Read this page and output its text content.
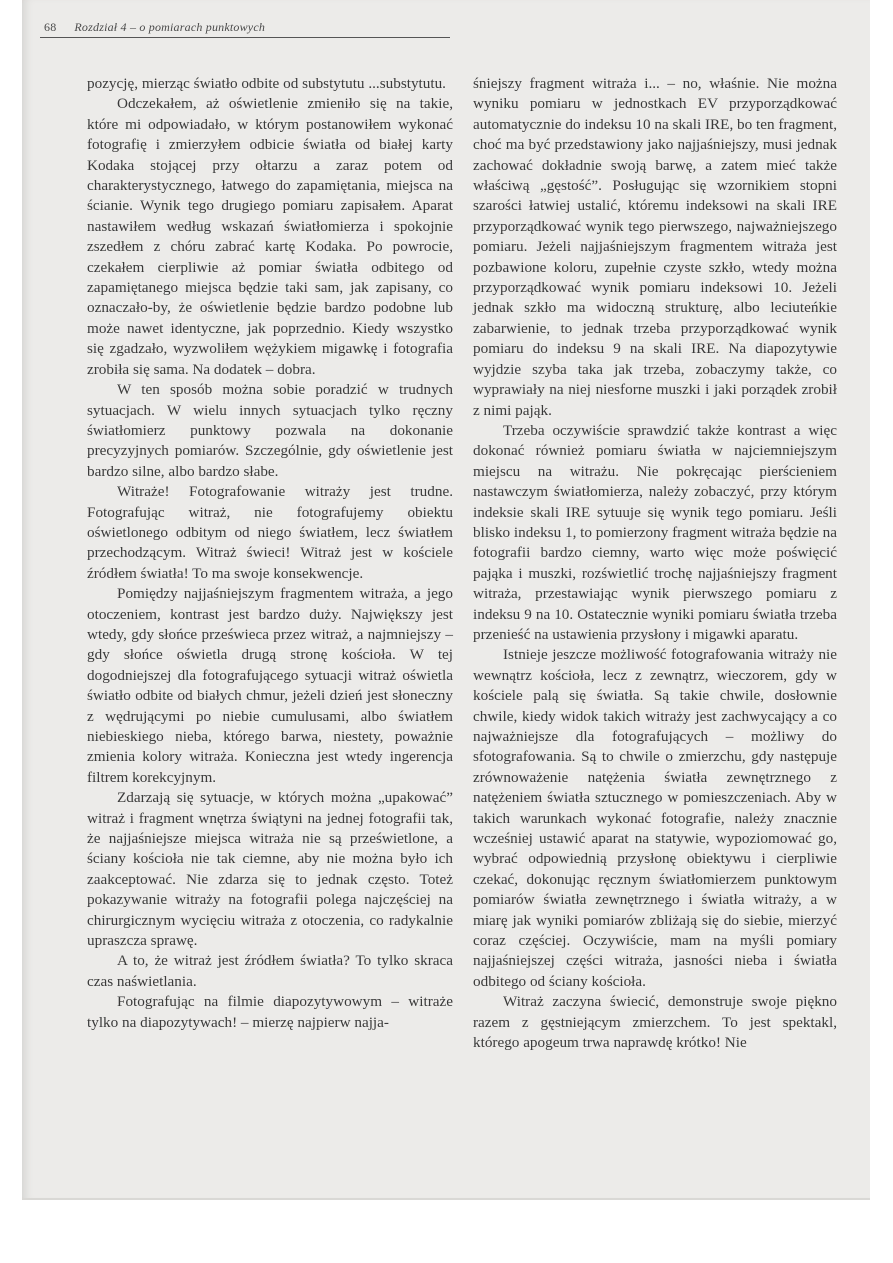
68 Rozdział 4 – o pomiarach punktowych

pozycję, mierząc światło odbite od substytutu ...substytutu.

Odczekałem, aż oświetlenie zmieniło się na takie, które mi odpowiadało, w którym postanowiłem wykonać fotografię i zmierzyłem odbicie światła od białej karty Kodaka stojącej przy ołtarzu a zaraz potem od charakterystycznego, łatwego do zapamiętania, miejsca na ścianie. Wynik tego drugiego pomiaru zapisałem. Aparat nastawiłem według wskazań światłomierza i spokojnie zszedłem z chóru zabrać kartę Kodaka. Po powrocie, czekałem cierpliwie aż pomiar światła odbitego od zapamiętanego miejsca będzie taki sam, jak zapisany, co oznaczało-by, że oświetlenie będzie bardzo podobne lub może nawet identyczne, jak poprzednio. Kiedy wszystko się zgadzało, wyzwoliłem wężykiem migawkę i fotografia zrobiła się sama. Na dodatek – dobra.

W ten sposób można sobie poradzić w trudnych sytuacjach. W wielu innych sytuacjach tylko ręczny światłomierz punktowy pozwala na dokonanie precyzyjnych pomiarów. Szczególnie, gdy oświetlenie jest bardzo silne, albo bardzo słabe.

Witraże! Fotografowanie witraży jest trudne. Fotografując witraż, nie fotografujemy obiektu oświetlonego odbitym od niego światłem, lecz światłem przechodzącym. Witraż świeci! Witraż jest w kościele źródłem światła! To ma swoje konsekwencje.

Pomiędzy najjaśniejszym fragmentem witraża, a jego otoczeniem, kontrast jest bardzo duży. Największy jest wtedy, gdy słońce prześwieca przez witraż, a najmniejszy – gdy słońce oświetla drugą stronę kościoła. W tej dogodniejszej dla fotografującego sytuacji witraż oświetla światło odbite od białych chmur, jeżeli dzień jest słoneczny z wędrującymi po niebie cumulusami, albo światłem niebieskiego nieba, którego barwa, niestety, poważnie zmienia kolory witraża. Konieczna jest wtedy ingerencja filtrem korekcyjnym.

Zdarzają się sytuacje, w których można „upakować” witraż i fragment wnętrza świątyni na jednej fotografii tak, że najjaśniejsze miejsca witraża nie są prześwietlone, a ściany kościoła nie tak ciemne, aby nie można było ich zaakceptować. Nie zdarza się to jednak często. Toteż pokazywanie witraży na fotografii polega najczęściej na chirurgicznym wycięciu witraża z otoczenia, co radykalnie upraszcza sprawę.

A to, że witraż jest źródłem światła? To tylko skraca czas naświetlania.

Fotografując na filmie diapozytywowym – witraże tylko na diapozytywach! – mierzę najpierw najja-

śniejszy fragment witraża i... – no, właśnie. Nie można wyniku pomiaru w jednostkach EV przyporządkować automatycznie do indeksu 10 na skali IRE, bo ten fragment, choć ma być przedstawiony jako najjaśniejszy, musi jednak zachować dokładnie swoją barwę, a zatem mieć także właściwą „gęstość”. Posługując się wzornikiem stopni szarości łatwiej ustalić, któremu indeksowi na skali IRE przyporządkować wynik tego pierwszego, najważniejszego pomiaru. Jeżeli najjaśniejszym fragmentem witraża jest pozbawione koloru, zupełnie czyste szkło, wtedy można przyporządkować wynik pomiaru indeksowi 10. Jeżeli jednak szkło ma widoczną strukturę, albo leciuteńkie zabarwienie, to jednak trzeba przyporządkować wynik pomiaru do indeksu 9 na skali IRE. Na diapozytywie wyjdzie szyba taka jak trzeba, zobaczymy także, co wyprawiały na niej niesforne muszki i jaki porządek zrobił z nimi pająk.

Trzeba oczywiście sprawdzić także kontrast a więc dokonać również pomiaru światła w najciemniejszym miejscu na witrażu. Nie pokręcając pierścieniem nastawczym światłomierza, należy zobaczyć, przy którym indeksie skali IRE sytuuje się wynik tego pomiaru. Jeśli blisko indeksu 1, to pomierzony fragment witraża będzie na fotografii bardzo ciemny, warto więc może poświęcić pająka i muszki, rozświetlić trochę najjaśniejszy fragment witraża, przestawiając wynik pierwszego pomiaru z indeksu 9 na 10. Ostatecznie wyniki pomiaru światła trzeba przenieść na ustawienia przysłony i migawki aparatu.

Istnieje jeszcze możliwość fotografowania witraży nie wewnątrz kościoła, lecz z zewnątrz, wieczorem, gdy w kościele palą się światła. Są takie chwile, dosłownie chwile, kiedy widok takich witraży jest zachwycający a co najważniejsze dla fotografujących – możliwy do sfotografowania. Są to chwile o zmierzchu, gdy następuje zrównoważenie natężenia światła zewnętrznego z natężeniem światła sztucznego w pomieszczeniach. Aby w takich warunkach wykonać fotografie, należy znacznie wcześniej ustawić aparat na statywie, wypoziomować go, wybrać odpowiednią przysłonę obiektywu i cierpliwie czekać, dokonując ręcznym światłomierzem punktowym pomiarów światła zewnętrznego i światła witraży, a w miarę jak wyniki pomiarów zbliżają się do siebie, mierzyć coraz częściej. Oczywiście, mam na myśli pomiary najjaśniejszej części witraża, jasności nieba i światła odbitego od ściany kościoła.

Witraż zaczyna świecić, demonstruje swoje piękno razem z gęstniejącym zmierzchem. To jest spektakl, którego apogeum trwa naprawdę krótko! Nie
